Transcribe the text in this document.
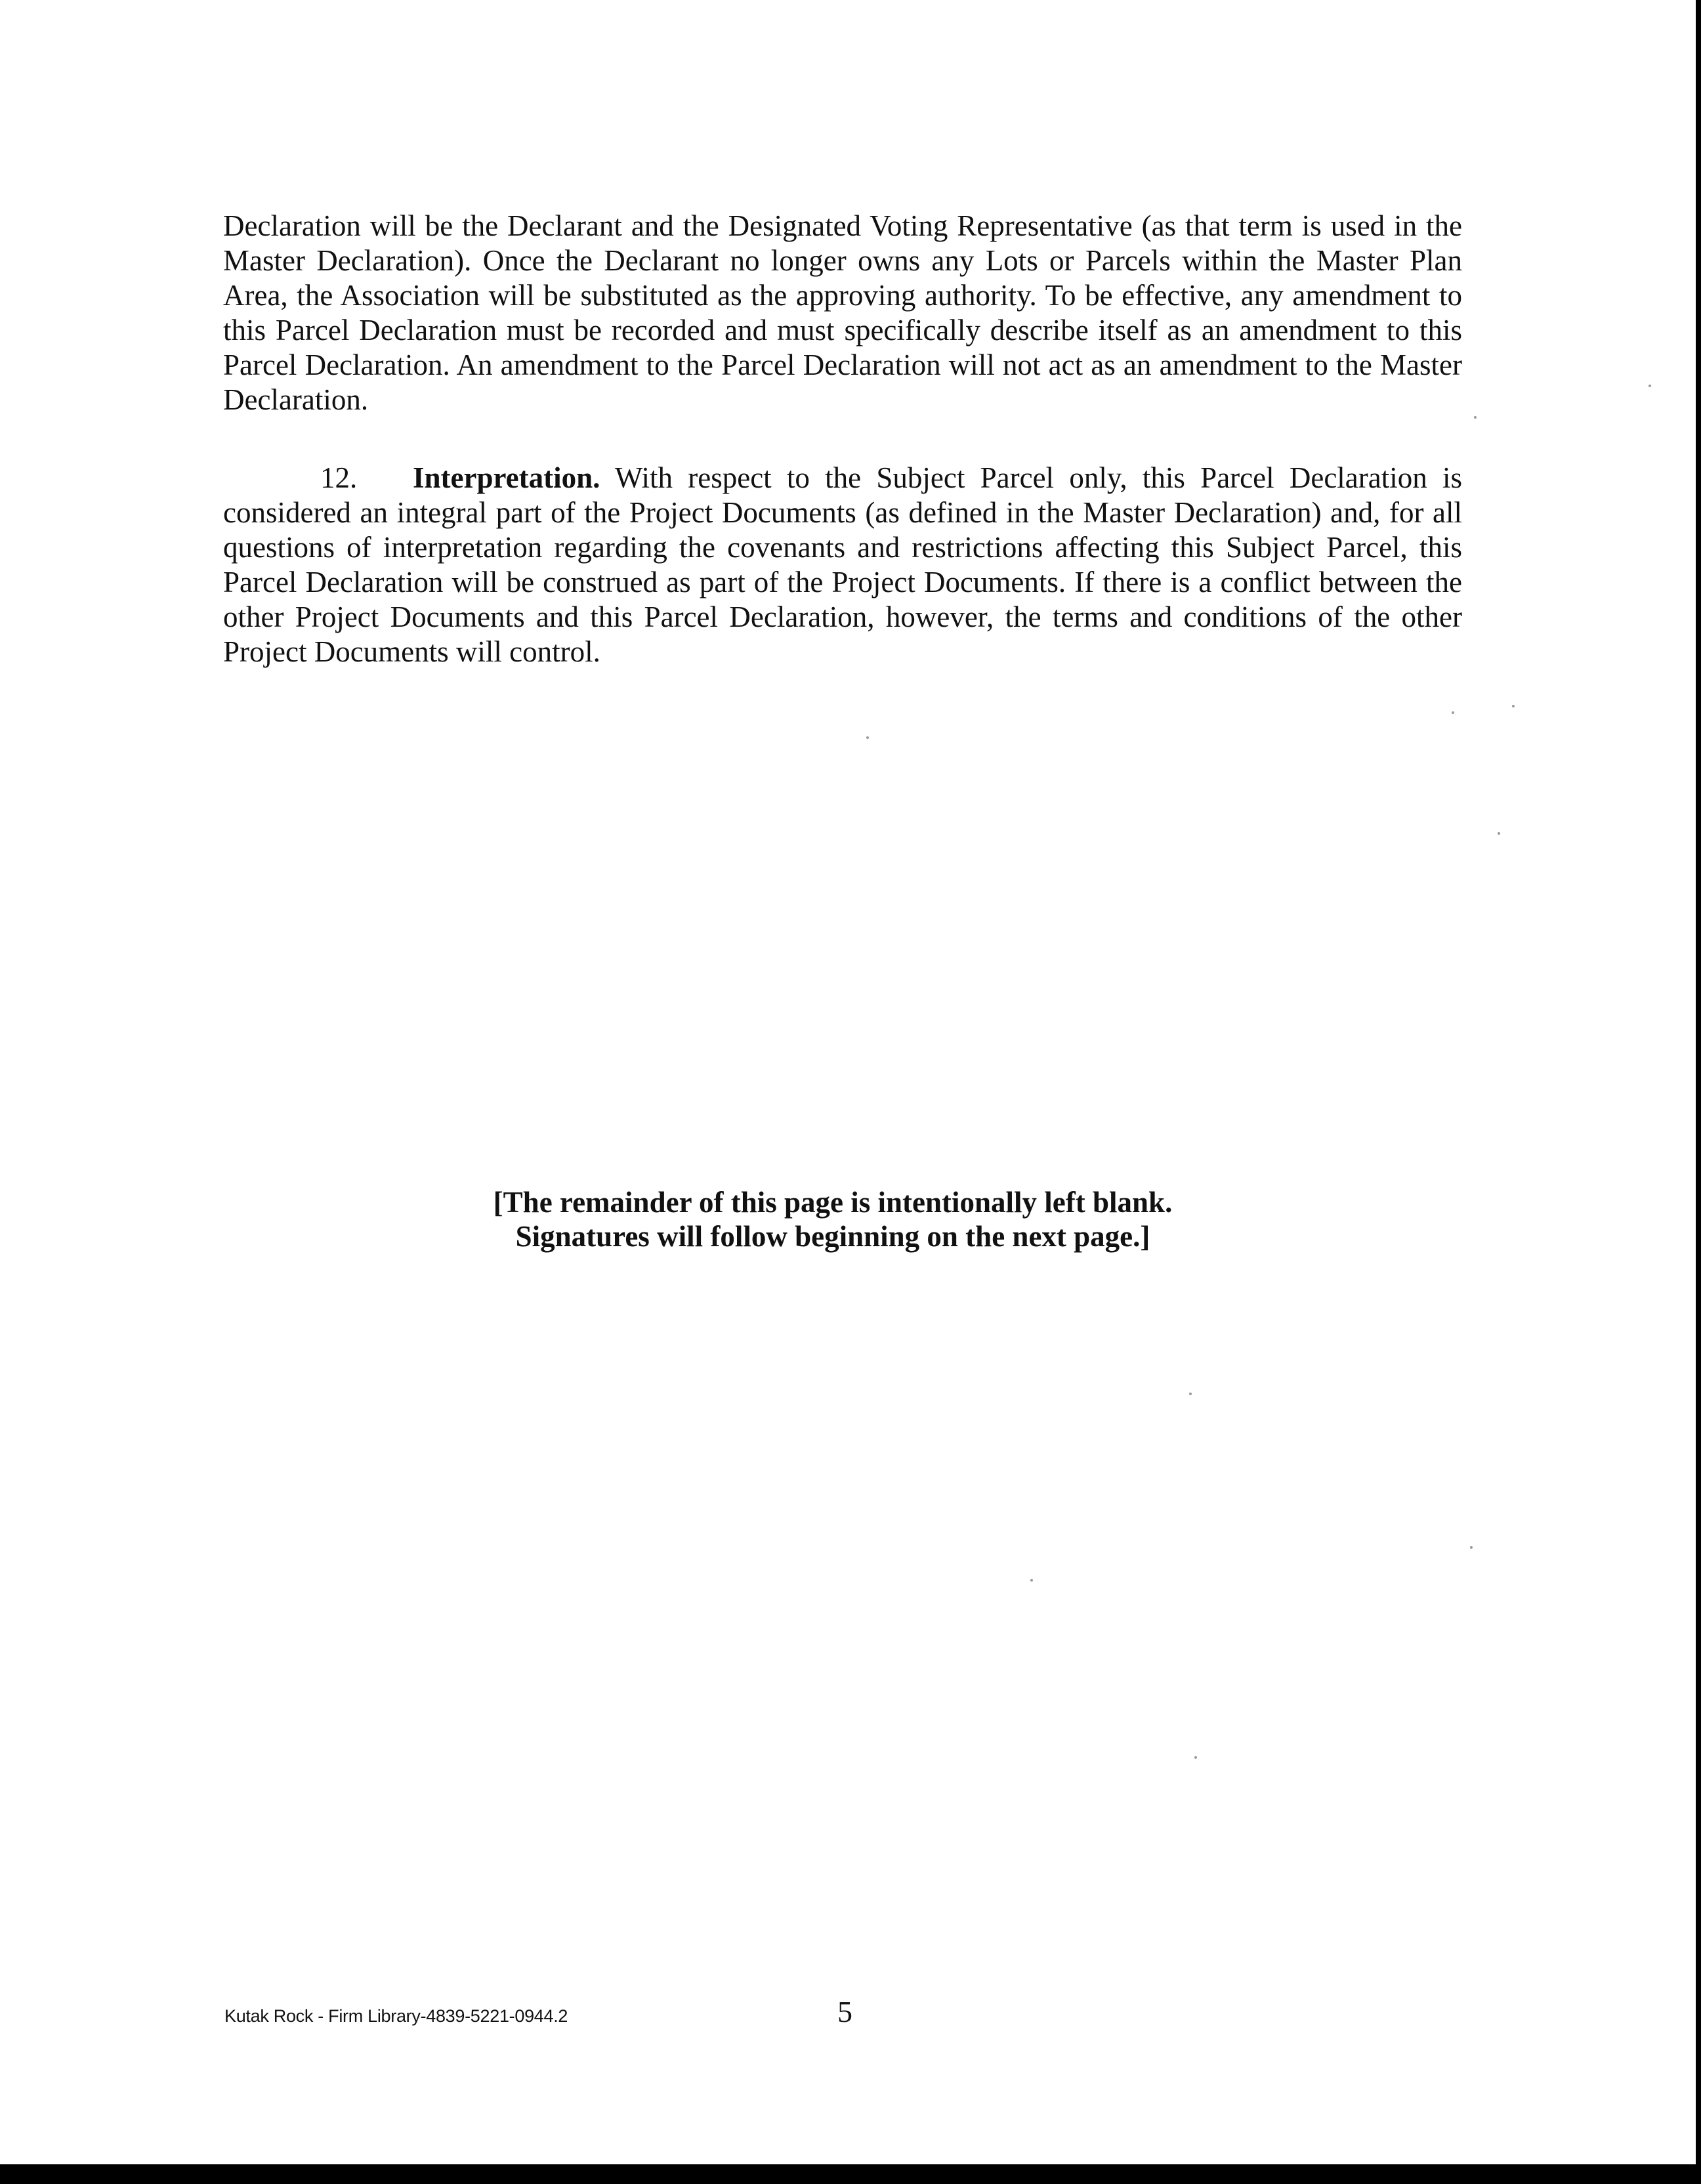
Declaration will be the Declarant and the Designated Voting Representative (as that term is used in the Master Declaration). Once the Declarant no longer owns any Lots or Parcels within the Master Plan Area, the Association will be substituted as the approving authority. To be effective, any amendment to this Parcel Declaration must be recorded and must specifically describe itself as an amendment to this Parcel Declaration. An amendment to the Parcel Declaration will not act as an amendment to the Master Declaration.

12. Interpretation. With respect to the Subject Parcel only, this Parcel Declaration is considered an integral part of the Project Documents (as defined in the Master Declaration) and, for all questions of interpretation regarding the covenants and restrictions affecting this Subject Parcel, this Parcel Declaration will be construed as part of the Project Documents. If there is a conflict between the other Project Documents and this Parcel Declaration, however, the terms and conditions of the other Project Documents will control.

[The remainder of this page is intentionally left blank.
Signatures will follow beginning on the next page.]

Kutak Rock - Firm Library-4839-5221-0944.2	5
